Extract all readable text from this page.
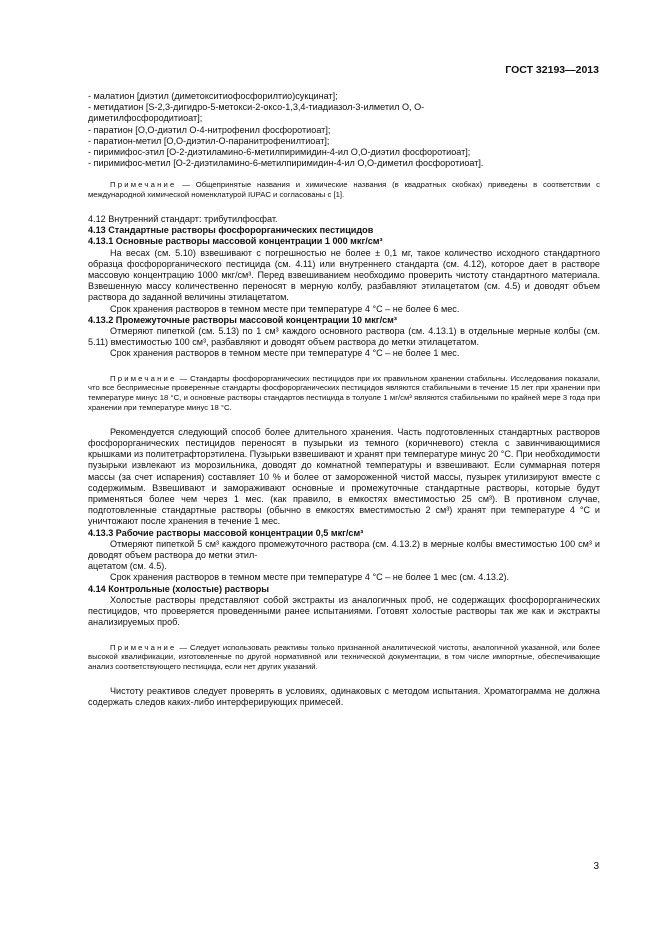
ГОСТ 32193—2013

- малатион [диэтил (диметокситиофосфорилтио)сукцинат];

- метидатион [S-2,3-дигидро-5-метокси-2-оксо-1,3,4-тиадиазол-3-илметил О, О-

диметилфосфородитиоат];

- паратион [О,О-диэтил О-4-нитрофенил фосфоротиоат];

- паратион-метил [О,О-диэтил-О-паранитрофенилтиоат];

- пиримифос-этил [О-2-диэтиламино-6-метилпиримидин-4-ил О,О-диэтил фосфоротиоат];

- пиримифос-метил [О-2-диэтиламино-6-метилпиримидин-4-ил О,О-диметил фосфоротиоат].

Примечание — Общепринятые названия и химические названия (в квадратных скобках) приведены в соответствии с международной химической номенклатурой IUPAC и согласованы с [1].

4.12 Внутренний стандарт: трибутилфосфат.

4.13 Стандартные растворы фосфорорганических пестицидов

4.13.1 Основные растворы массовой концентрации 1 000 мкг/см³

На весах (см. 5.10) взвешивают с погрешностью не более ± 0,1 мг, такое количество исходного стандартного образца фосфорорганического пестицида (см. 4.11) или внутреннего стандарта (см. 4.12), которое дает в растворе массовую концентрацию 1000 мкг/см³. Перед взвешиванием необходимо проверить чистоту стандартного материала. Взвешенную массу количественно переносят в мерную колбу, разбавляют этилацетатом (см. 4.5) и доводят объем раствора до заданной величины этилацетатом.

Срок хранения растворов в темном месте при температуре 4 °С – не более 6 мес.

4.13.2 Промежуточные растворы массовой концентрации 10 мкг/см³

Отмеряют пипеткой (см. 5.13) по 1 см³ каждого основного раствора (см. 4.13.1) в отдельные мерные колбы (см. 5.11) вместимостью 100 см³, разбавляют и доводят объем раствора до метки этилацетатом.

Срок хранения растворов в темном месте при температуре 4 °С – не более 1 мес.

Примечание — Стандарты фосфорорганических пестицидов при их правильном хранении стабильны. Исследования показали, что все беспримесные проверенные стандарты фосфорорганических пестицидов являются стабильными в течение 15 лет при хранении при температуре минус 18 °С, и основные растворы стандартов пестицида в толуоле 1 мг/см³ являются стабильными по крайней мере 3 года при хранении при температуре минус 18 °С.

Рекомендуется следующий способ более длительного хранения. Часть подготовленных стандартных растворов фосфорорганических пестицидов переносят в пузырьки из темного (коричневого) стекла с завинчивающимися крышками из политетрафторэтилена. Пузырьки взвешивают и хранят при температуре минус 20 °С. При необходимости пузырьки извлекают из морозильника, доводят до комнатной температуры и взвешивают. Если суммарная потеря массы (за счет испарения) составляет 10 % и более от замороженной чистой массы, пузырек утилизируют вместе с содержимым. Взвешивают и замораживают основные и промежуточные стандартные растворы, которые будут применяться более чем через 1 мес. (как правило, в емкостях вместимостью 25 см³). В противном случае, подготовленные стандартные растворы (обычно в емкостях вместимостью 2 см³) хранят при температуре 4 °С и уничтожают после хранения в течение 1 мес.

4.13.3 Рабочие растворы массовой концентрации 0,5 мкг/см³

Отмеряют пипеткой 5 см³ каждого промежуточного раствора (см. 4.13.2) в мерные колбы вместимостью 100 см³ и доводят объем раствора до метки этил-

ацетатом (см. 4.5).

Срок хранения растворов в темном месте при температуре 4 °С – не более 1 мес (см. 4.13.2).

4.14 Контрольные (холостые) растворы

Холостые растворы представляют собой экстракты из аналогичных проб, не содержащих фосфорорганических пестицидов, что проверяется проведенными ранее испытаниями. Готовят холостые растворы так же как и экстракты анализируемых проб.

Примечание — Следует использовать реактивы только признанной аналитической чистоты, аналогичной указанной, или более высокой квалификации, изготовленные по другой нормативной или технической документации, в том числе импортные, обеспечивающие анализ соответствующего пестицида, если нет других указаний.

Чистоту реактивов следует проверять в условиях, одинаковых с методом испытания. Хроматограмма не должна содержать следов каких-либо интерферирующих примесей.

3
